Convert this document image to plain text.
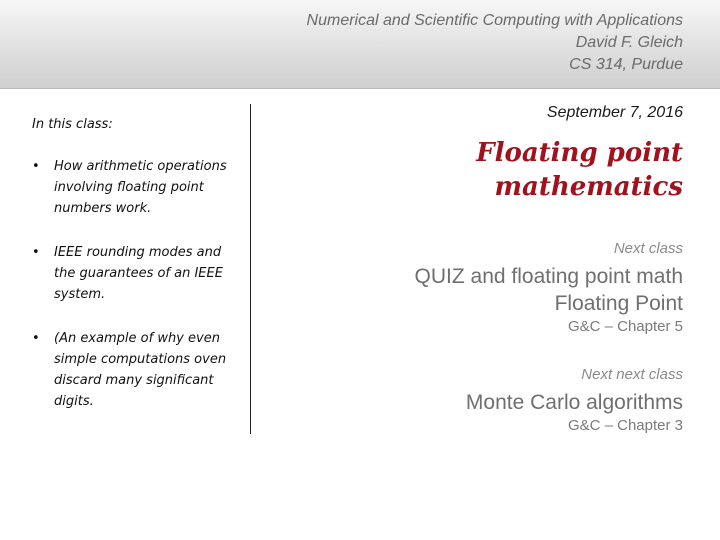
Numerical and Scientific Computing with Applications
David F. Gleich
CS 314, Purdue
In this class:
• How arithmetic operations involving floating point numbers work.
• IEEE rounding modes and the guarantees of an IEEE system.
• (An example of why even simple computations oven discard many significant digits.
September 7, 2016
Floating point
mathematics
Next class
QUIZ and floating point math
Floating Point
G&C – Chapter 5
Next next class
Monte Carlo algorithms
G&C – Chapter 3
